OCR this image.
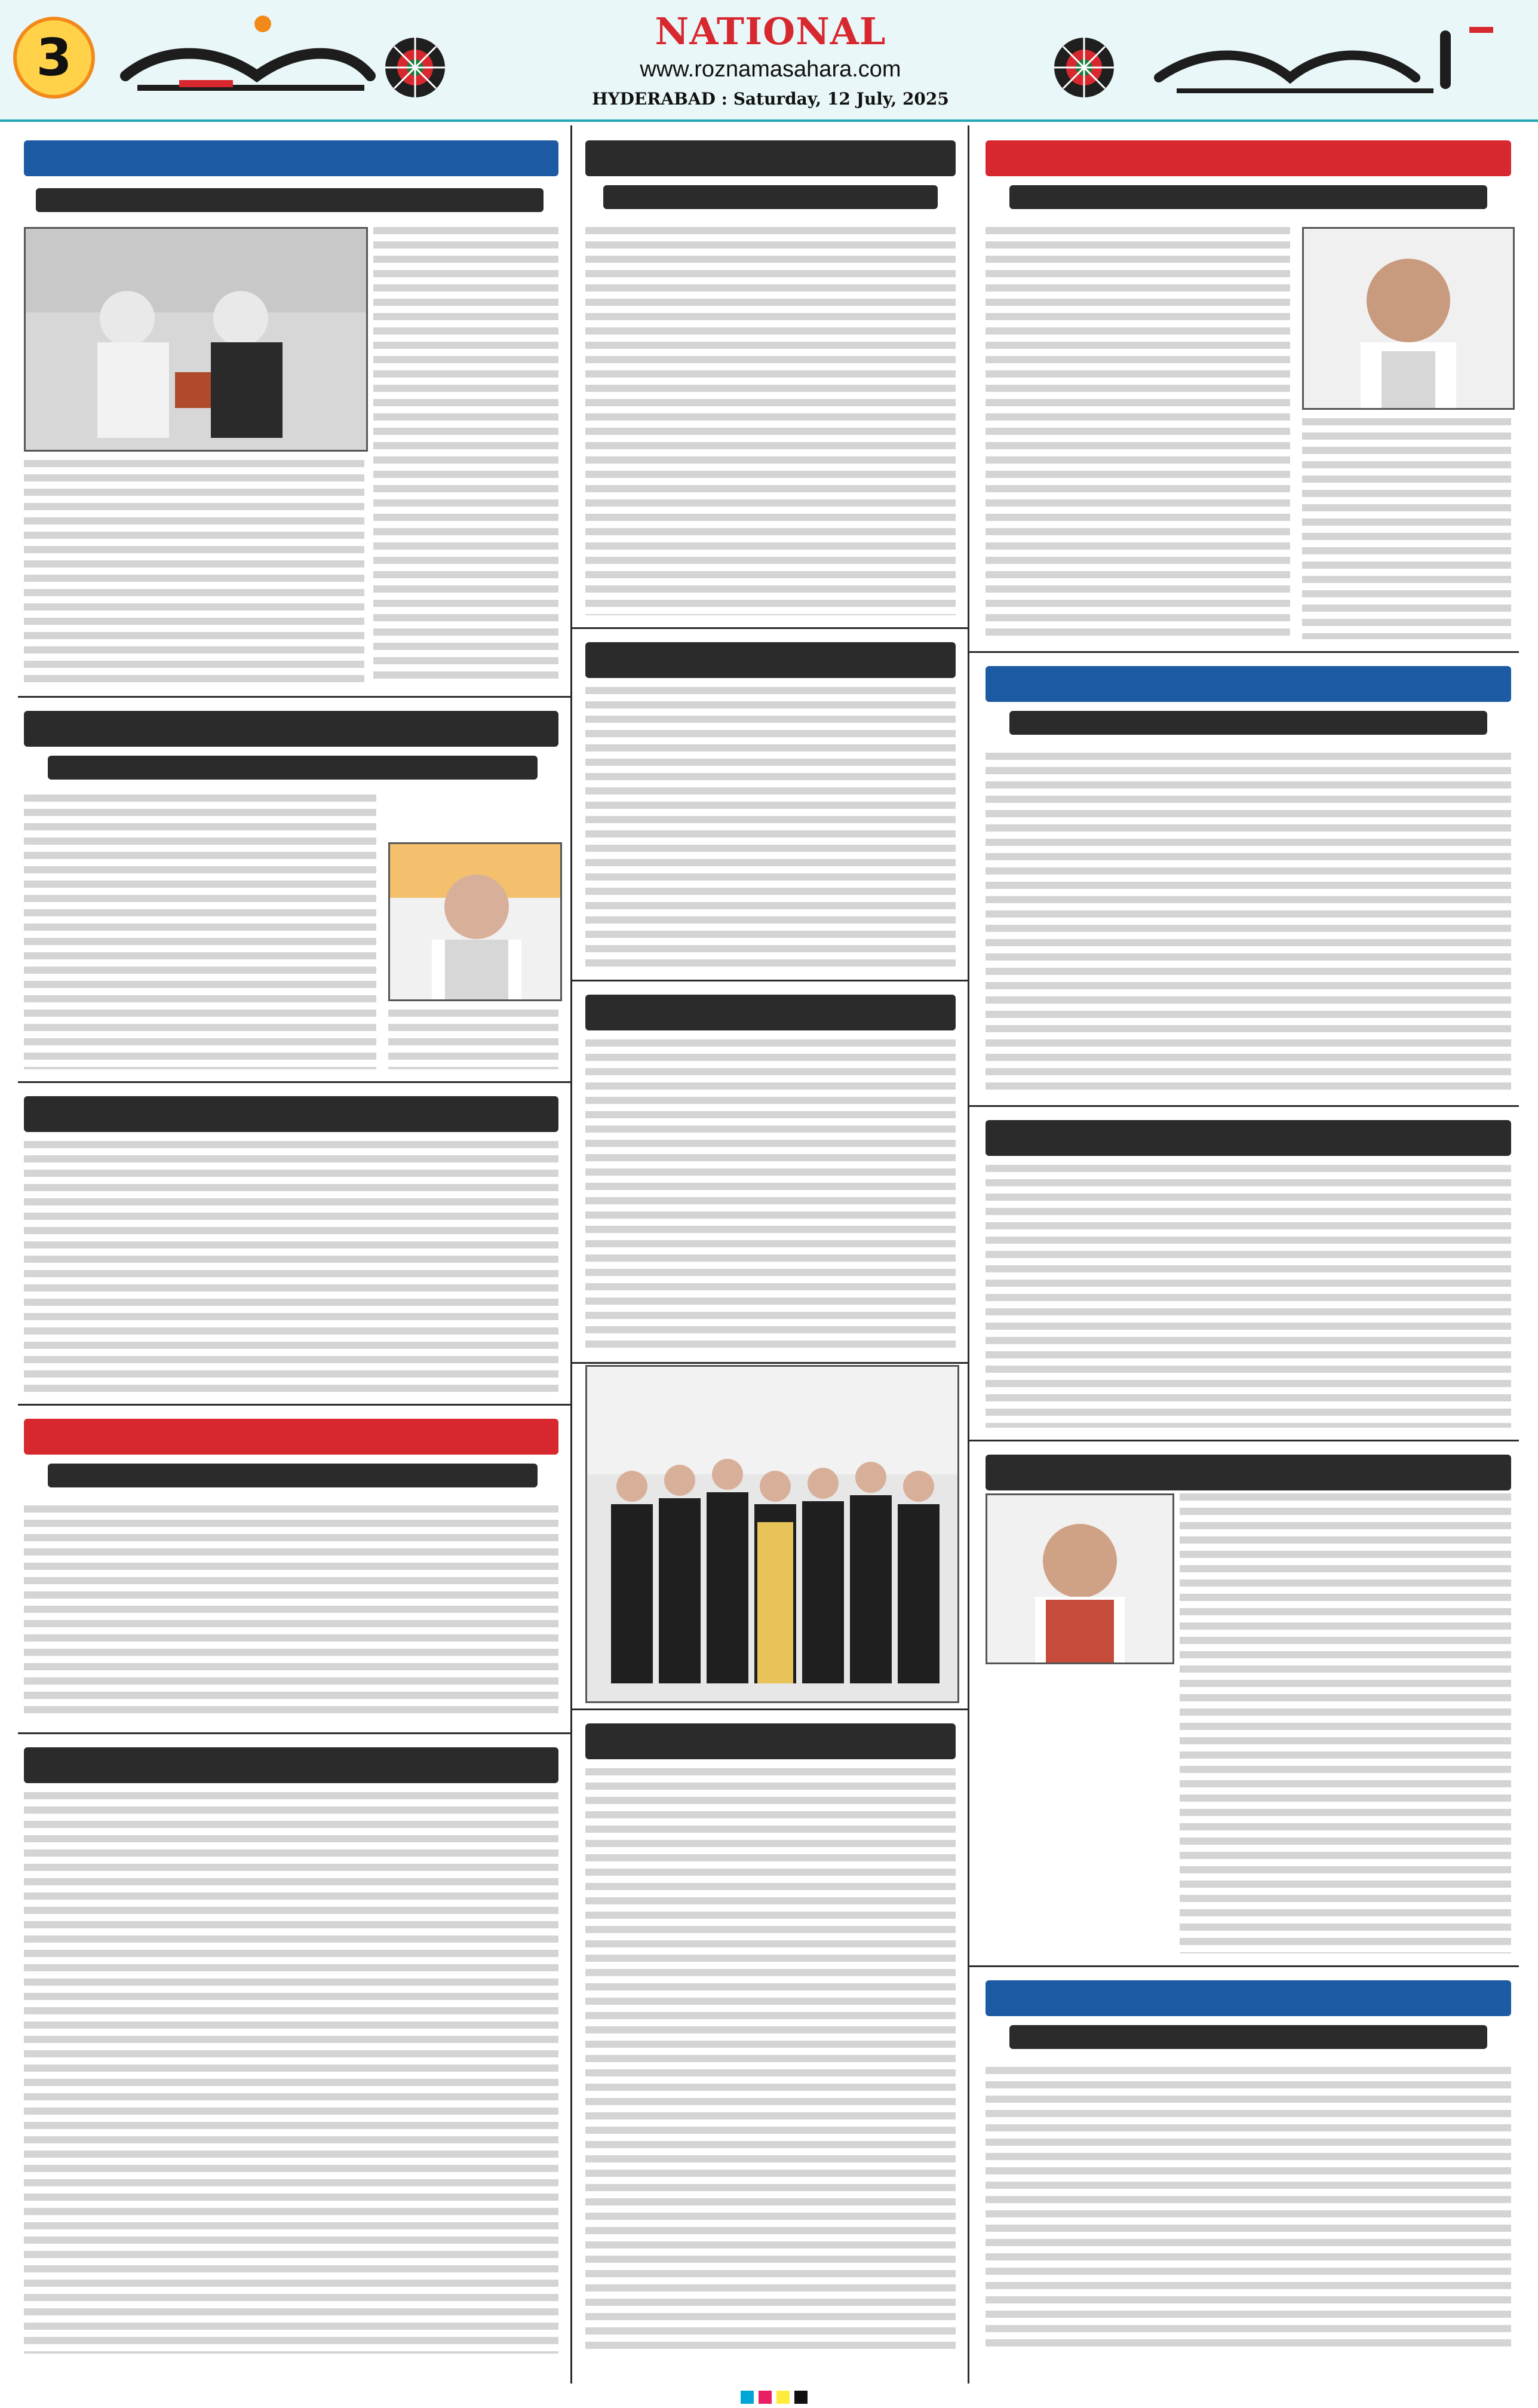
3	NATIONAL
www.roznamasahara.com
HYDERABAD : Saturday, 12 July, 2025
